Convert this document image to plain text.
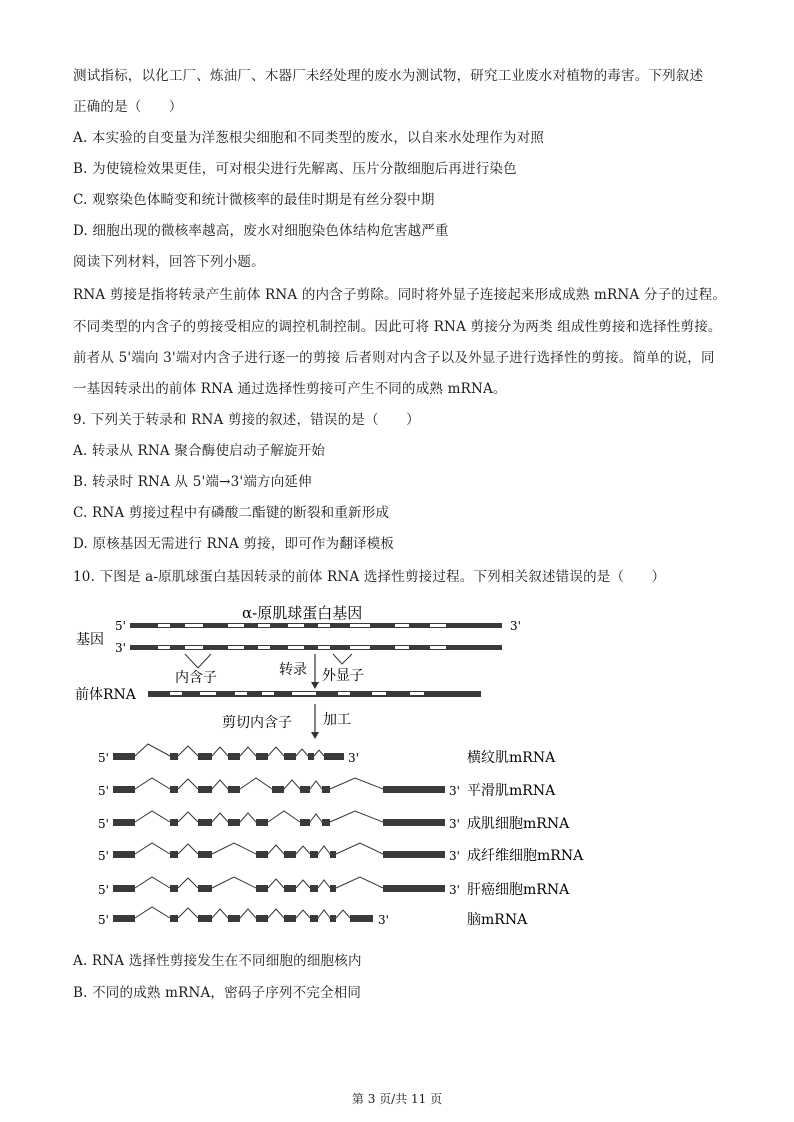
测试指标，以化工厂、炼油厂、木器厂未经处理的废水为测试物，研究工业废水对植物的毒害。下列叙述
正确的是（　　）
A. 本实验的自变量为洋葱根尖细胞和不同类型的废水，以自来水处理作为对照
B. 为使镜检效果更佳，可对根尖进行先解离、压片分散细胞后再进行染色
C. 观察染色体畸变和统计微核率的最佳时期是有丝分裂中期
D. 细胞出现的微核率越高，废水对细胞染色体结构危害越严重
阅读下列材料，回答下列小题。
RNA 剪接是指将转录产生前体 RNA 的内含子剪除。同时将外显子连接起来形成成熟 mRNA 分子的过程。
不同类型的内含子的剪接受相应的调控机制控制。因此可将 RNA 剪接分为两类 组成性剪接和选择性剪接。
前者从 5'端向 3'端对内含子进行逐一的剪接 后者则对内含子以及外显子进行选择性的剪接。简单的说，同
一基因转录出的前体 RNA 通过选择性剪接可产生不同的成熟 mRNA。
9. 下列关于转录和 RNA 剪接的叙述，错误的是（　　）
A. 转录从 RNA 聚合酶使启动子解旋开始
B. 转录时 RNA 从 5'端→3'端方向延伸
C. RNA 剪接过程中有磷酸二酯键的断裂和重新形成
D. 原核基因无需进行 RNA 剪接，即可作为翻译模板
10. 下图是 a-原肌球蛋白基因转录的前体 RNA 选择性剪接过程。下列相关叙述错误的是（　　）
α-原肌球蛋白基因
5'	3'
基因 3'
内含子	转录 外显子
前体RNA
剪切内含子 加工
5'	3'	横纹肌mRNA
5'	3' 平滑肌mRNA
5'	3' 成肌细胞mRNA
5'	3' 成纤维细胞mRNA
5'	3' 肝癌细胞mRNA
5'	3'	脑mRNA
A. RNA 选择性剪接发生在不同细胞的细胞核内
B. 不同的成熟 mRNA，密码子序列不完全相同
第 3 页/共 11 页
